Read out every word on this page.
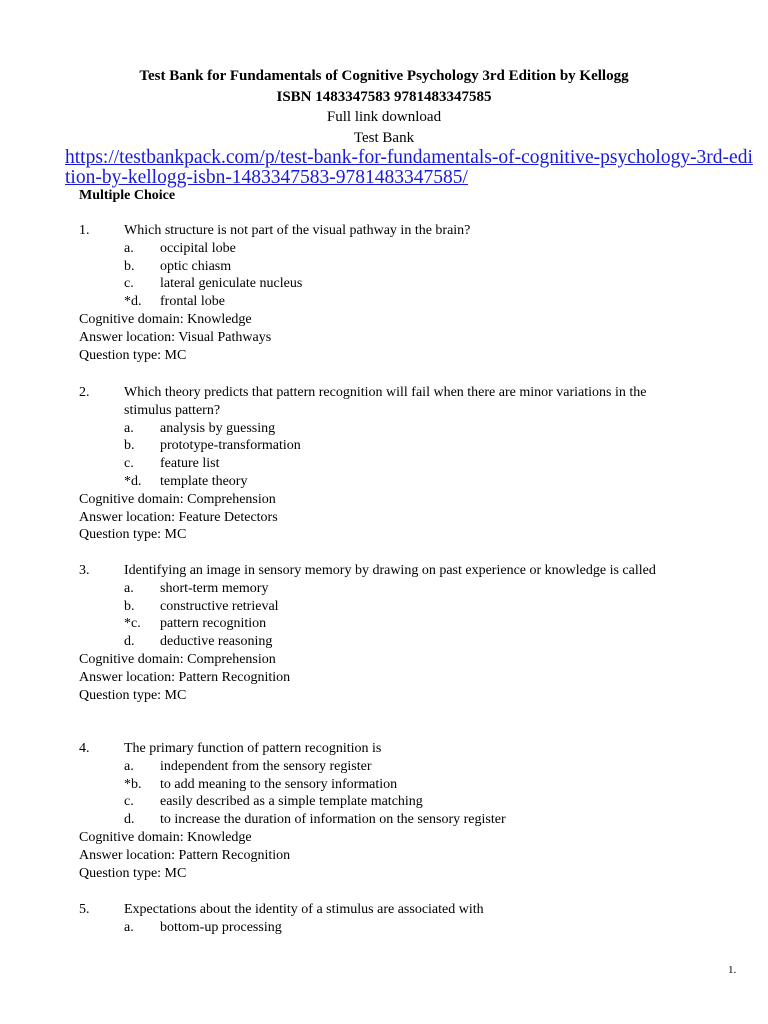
Test Bank for Fundamentals of Cognitive Psychology 3rd Edition by Kellogg
ISBN 1483347583 9781483347585
Full link download
Test Bank
https://testbankpack.com/p/test-bank-for-fundamentals-of-cognitive-psychology-3rd-edition-by-kellogg-isbn-1483347583-9781483347585/
Multiple Choice
1. Which structure is not part of the visual pathway in the brain?
a. occipital lobe
b. optic chiasm
c. lateral geniculate nucleus
*d. frontal lobe
Cognitive domain: Knowledge
Answer location: Visual Pathways
Question type: MC
2. Which theory predicts that pattern recognition will fail when there are minor variations in the stimulus pattern?
a. analysis by guessing
b. prototype-transformation
c. feature list
*d. template theory
Cognitive domain: Comprehension
Answer location: Feature Detectors
Question type: MC
3. Identifying an image in sensory memory by drawing on past experience or knowledge is called
a. short-term memory
b. constructive retrieval
*c. pattern recognition
d. deductive reasoning
Cognitive domain: Comprehension
Answer location: Pattern Recognition
Question type: MC
4. The primary function of pattern recognition is
a. independent from the sensory register
*b. to add meaning to the sensory information
c. easily described as a simple template matching
d. to increase the duration of information on the sensory register
Cognitive domain: Knowledge
Answer location: Pattern Recognition
Question type: MC
5. Expectations about the identity of a stimulus are associated with
a. bottom-up processing
1.
